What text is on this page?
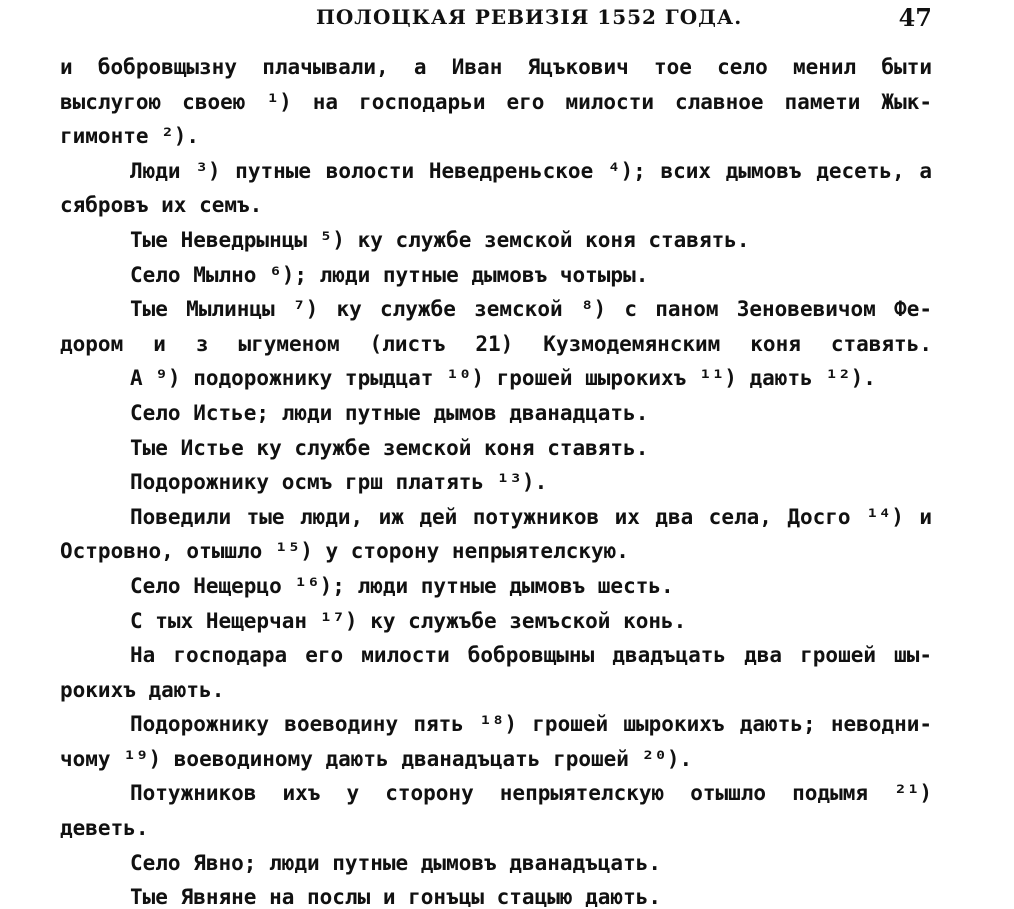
ПОЛОЦКАЯ РЕВИЗІЯ 1552 ГОДА.	47
и бобровщызну плачывали, а Иван Яцъкович тое село менил быти
выслугою своею ¹) на господарьи его милости славное памети Жык-
гимонте ²).
Люди ³) путные волости Неведреньское ⁴); всих дымовъ десеть, а
сябровъ их семъ.
Тые Неведрынцы ⁵) ку службе земской коня ставять.
Село Мылно ⁶); люди путные дымовъ чотыры.
Тые Мылинцы ⁷) ку службе земской ⁸) с паном Зеновевичом Фе-
дором и з ыгуменом (листъ 21) Кузмодемянским коня ставять.
А ⁹) подорожнику трыдцат ¹⁰) грошей шырокихъ ¹¹) дають ¹²).
Село Истье; люди путные дымов дванадцать.
Тые Истье ку службе земской коня ставять.
Подорожнику осмъ грш платять ¹³).
Поведили тые люди, иж дей потужников их два села, Досго ¹⁴) и
Островно, отышло ¹⁵) у сторону непрыятелскую.
Село Нещерцо ¹⁶); люди путные дымовъ шесть.
С тых Нещерчан ¹⁷) ку служъбе земъской конь.
На господара его милости бобровщыны двадъцать два грошей шы-
рокихъ дають.
Подорожнику воеводину пять ¹⁸) грошей шырокихъ дають; неводни-
чому ¹⁹) воеводиному дають дванадъцать грошей ²⁰).
Потужников ихъ у сторону непрыятелскую отышло подымя ²¹)
деветь.
Село Явно; люди путные дымовъ дванадъцать.
Тые Явняне на послы и гонъцы стацыю дають.
